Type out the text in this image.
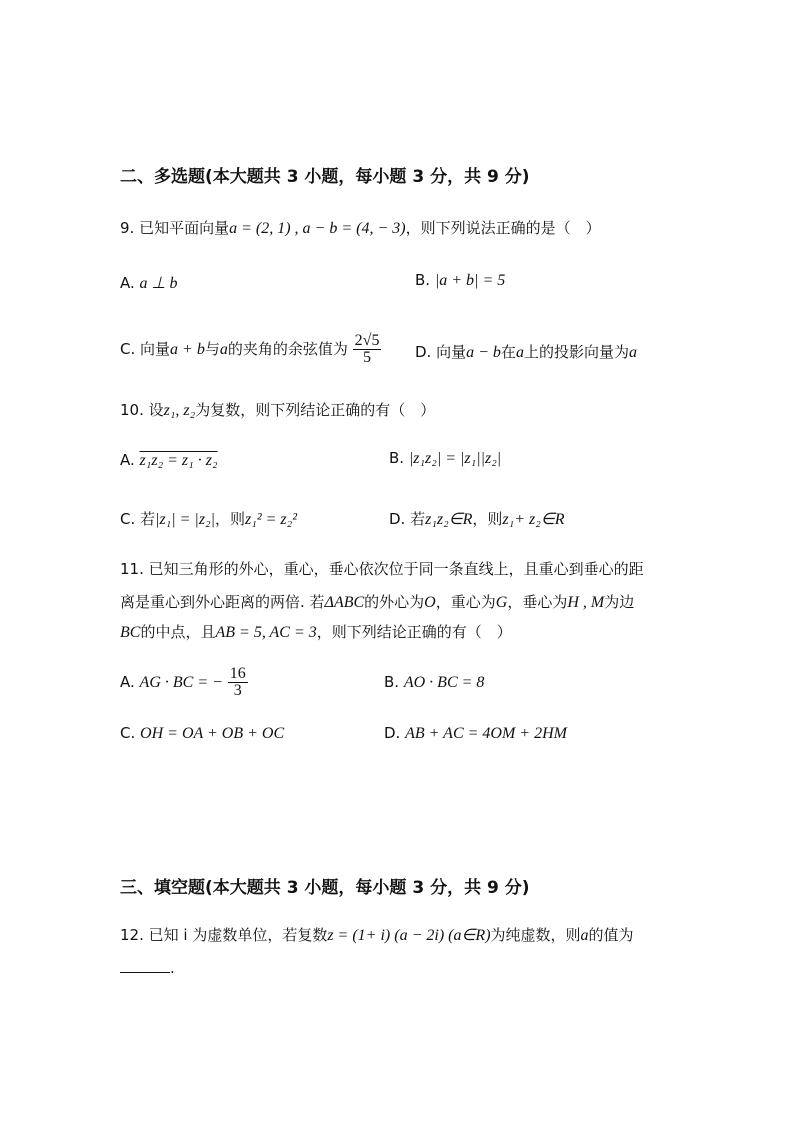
二、多选题(本大题共 3 小题，每小题 3 分，共 9 分)
9. 已知平面向量a = (2, 1) , a − b = (4, − 3)，则下列说法正确的是（　）
A. a ⊥ b	B. |a + b| = 5
C. 向量a + b与a的夹角的余弦值为 $\frac{2√5}{5} D$. 向量a − b在a上的投影向量为a
10. 设z₁, z₂为复数，则下列结论正确的有（　）
A. z₁z₂ = z₁ · z₂	B. |z₁z₂| = |z₁||z₂|
C. 若|z₁| = |z₂|，则z₁² = z₂²	D. 若z₁z₂∈R，则z₁+ z₂∈R
11. 已知三角形的外心，重心，垂心依次位于同一条直线上，且重心到垂心的距
离是重心到外心距离的两倍. 若ΔABC的外心为O，重心为G，垂心为H , M为边
BC的中点，且AB = 5, AC = 3，则下列结论正确的有（　）
A. AG · BC = − $\frac{16}{3}$	B. AO · BC = 8
C. OH = OA + OB + OC	D. AB + AC = 4OM + 2HM
三、填空题(本大题共 3 小题，每小题 3 分，共 9 分)
12. 已知 i 为虚数单位，若复数z = (1+ i) (a − 2i) (a∈R)为纯虚数，则a的值为
.
